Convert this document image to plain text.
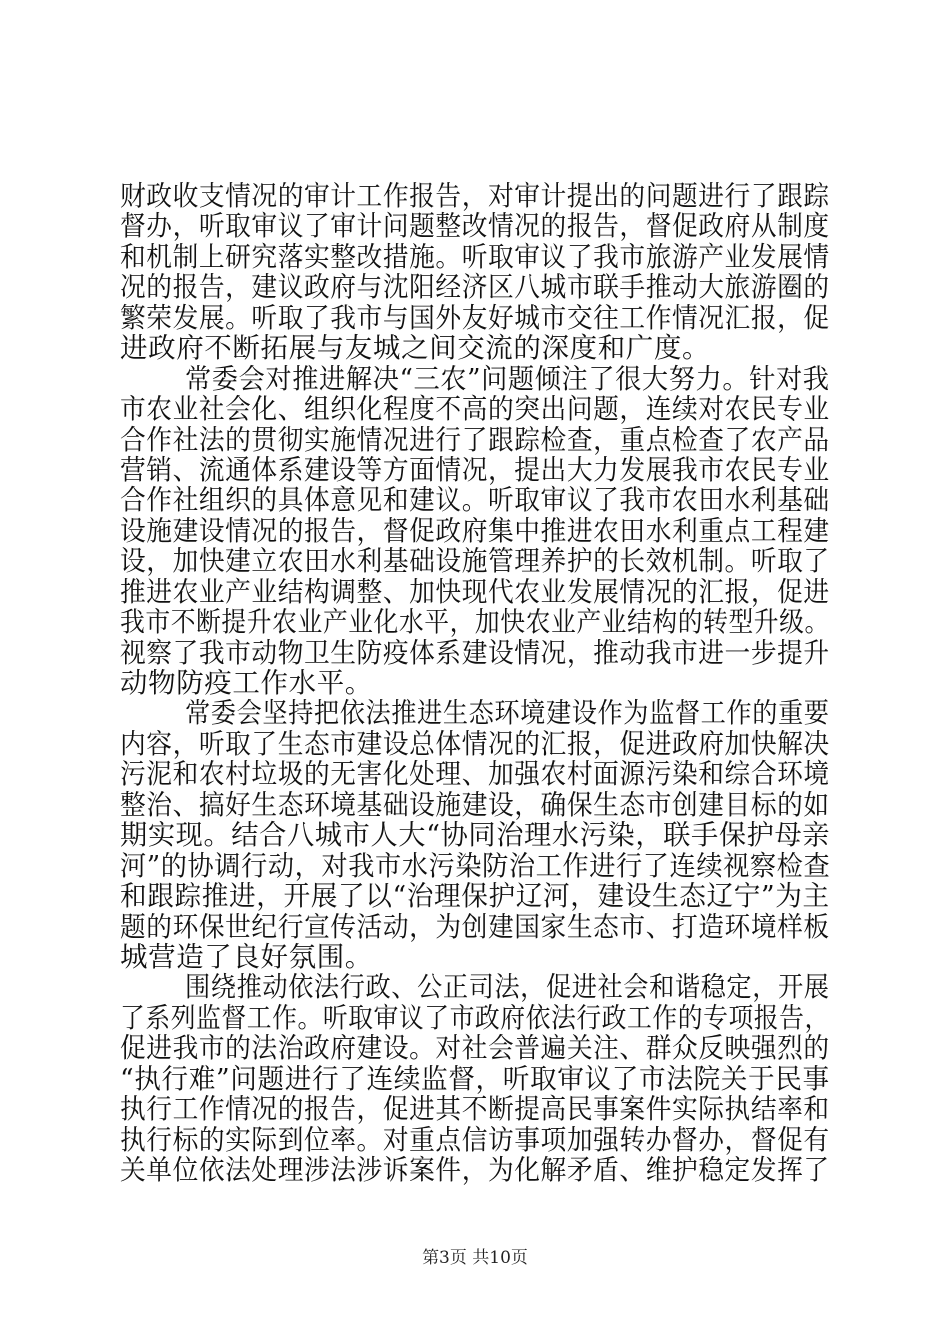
财政收支情况的审计工作报告，对审计提出的问题进行了跟踪
督办，听取审议了审计问题整改情况的报告，督促政府从制度
和机制上研究落实整改措施。听取审议了我市旅游产业发展情
况的报告，建议政府与沈阳经济区八城市联手推动大旅游圈的
繁荣发展。听取了我市与国外友好城市交往工作情况汇报，促
进政府不断拓展与友城之间交流的深度和广度。
常委会对推进解决“三农”问题倾注了很大努力。针对我
市农业社会化、组织化程度不高的突出问题，连续对农民专业
合作社法的贯彻实施情况进行了跟踪检查，重点检查了农产品
营销、流通体系建设等方面情况，提出大力发展我市农民专业
合作社组织的具体意见和建议。听取审议了我市农田水利基础
设施建设情况的报告，督促政府集中推进农田水利重点工程建
设，加快建立农田水利基础设施管理养护的长效机制。听取了
推进农业产业结构调整、加快现代农业发展情况的汇报，促进
我市不断提升农业产业化水平，加快农业产业结构的转型升级。
视察了我市动物卫生防疫体系建设情况，推动我市进一步提升
动物防疫工作水平。
常委会坚持把依法推进生态环境建设作为监督工作的重要
内容，听取了生态市建设总体情况的汇报，促进政府加快解决
污泥和农村垃圾的无害化处理、加强农村面源污染和综合环境
整治、搞好生态环境基础设施建设，确保生态市创建目标的如
期实现。结合八城市人大“协同治理水污染，联手保护母亲
河”的协调行动，对我市水污染防治工作进行了连续视察检查
和跟踪推进，开展了以“治理保护辽河，建设生态辽宁”为主
题的环保世纪行宣传活动，为创建国家生态市、打造环境样板
城营造了良好氛围。
围绕推动依法行政、公正司法，促进社会和谐稳定，开展
了系列监督工作。听取审议了市政府依法行政工作的专项报告，
促进我市的法治政府建设。对社会普遍关注、群众反映强烈的
“执行难”问题进行了连续监督，听取审议了市法院关于民事
执行工作情况的报告，促进其不断提高民事案件实际执结率和
执行标的实际到位率。对重点信访事项加强转办督办，督促有
关单位依法处理涉法涉诉案件，为化解矛盾、维护稳定发挥了
第3页 共10页
